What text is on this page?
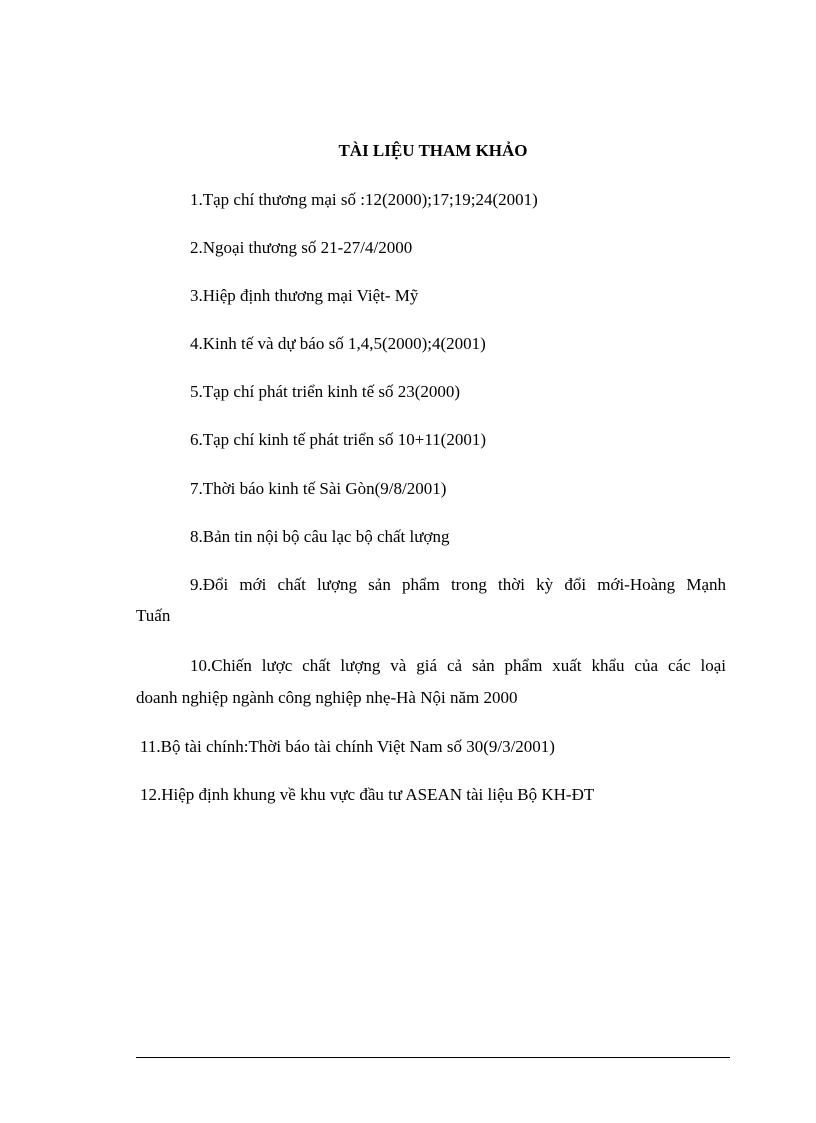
TÀI LIỆU THAM KHẢO
1.Tạp chí thương mại số :12(2000);17;19;24(2001)
2.Ngoại thương số 21-27/4/2000
3.Hiệp định thương mại Việt- Mỹ
4.Kinh tế và dự báo số 1,4,5(2000);4(2001)
5.Tạp chí phát triển kinh tế số 23(2000)
6.Tạp chí kinh tế phát triển số 10+11(2001)
7.Thời báo kinh tế Sài Gòn(9/8/2001)
8.Bản tin nội bộ câu lạc bộ chất lượng
9.Đổi mới chất lượng sản phẩm trong thời kỳ đổi mới-Hoàng Mạnh
Tuấn
10.Chiến lược chất lượng và giá cả sản phẩm xuất khẩu của các loại
doanh nghiệp ngành công nghiệp nhẹ-Hà Nội năm 2000
11.Bộ tài chính:Thời báo tài chính Việt Nam số 30(9/3/2001)
12.Hiệp định khung về khu vực đầu tư ASEAN tài liệu Bộ KH-ĐT
